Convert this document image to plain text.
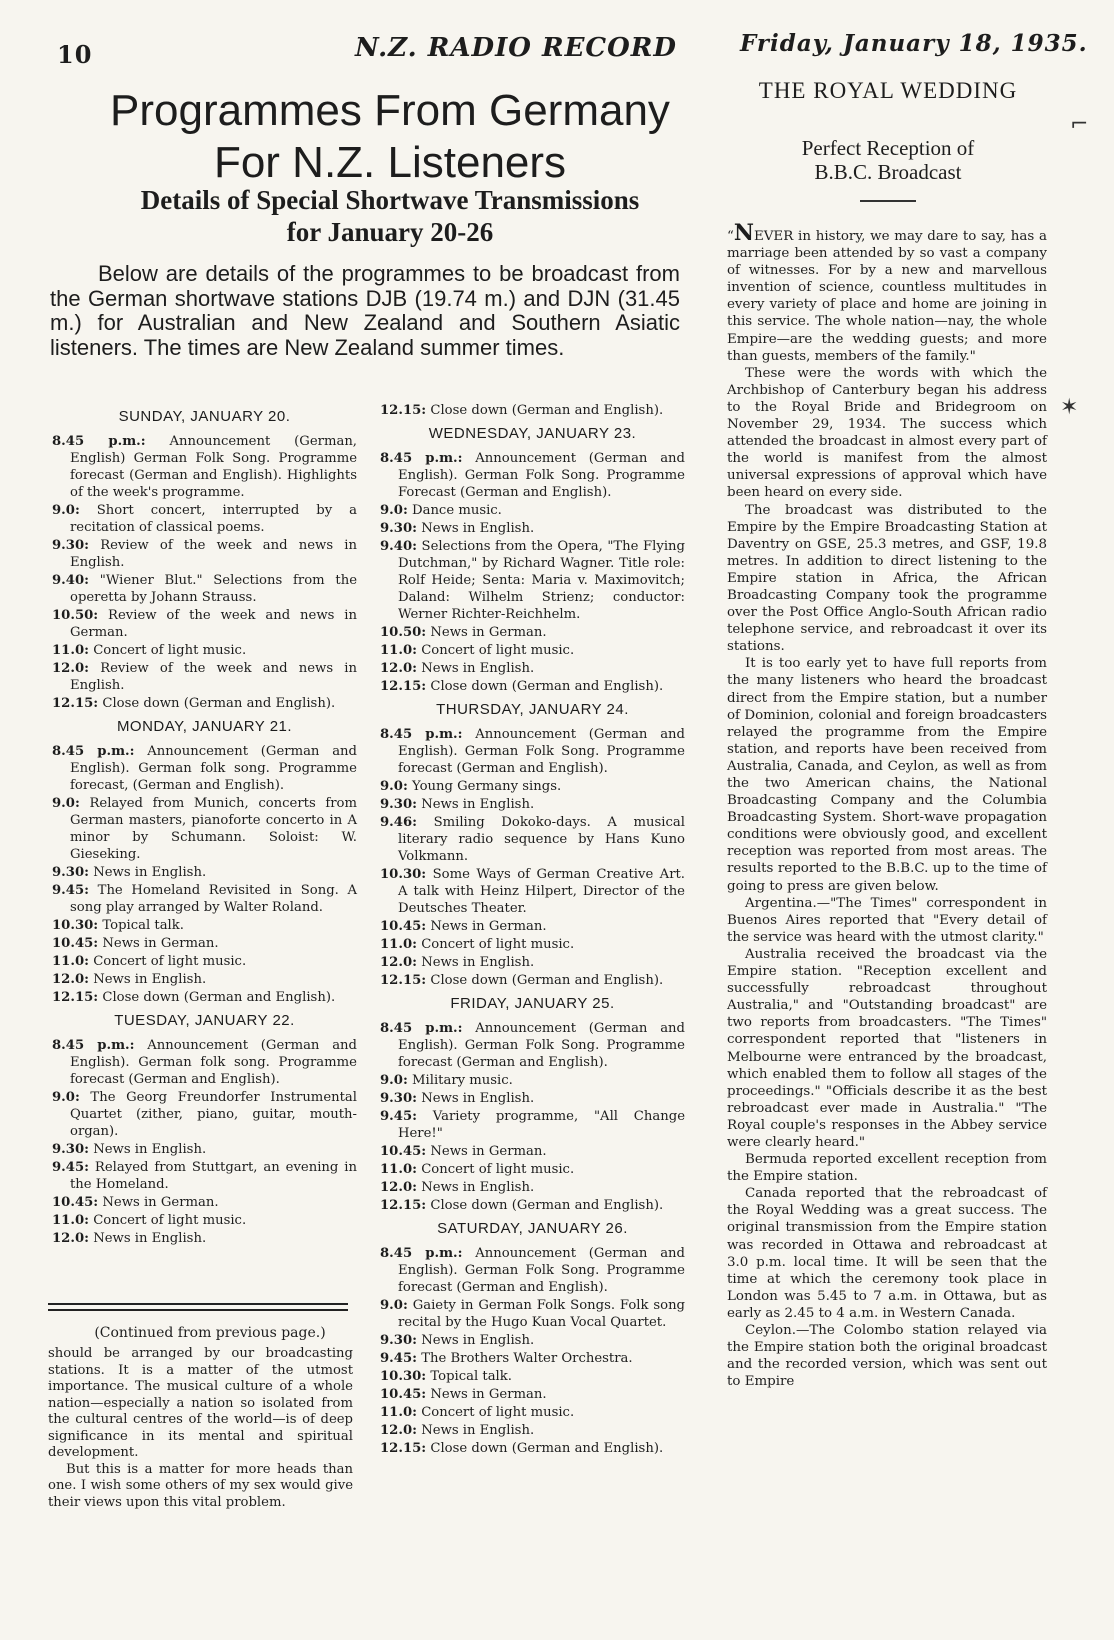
10	N.Z. RADIO RECORD	Friday, January 18, 1935.
Programmes From Germany
For N.Z. Listeners
Details of Special Shortwave Transmissions
for January 20-26
Below are details of the programmes to be broadcast from the German shortwave stations DJB (19.74 m.) and DJN (31.45 m.) for Australian and New Zealand and Southern Asiatic listeners. The times are New Zealand summer times.
SUNDAY, JANUARY 20.
8.45 p.m.: Announcement (German, English) German Folk Song. Programme forecast (German and English). Highlights of the week's programme.
9.0: Short concert, interrupted by a recitation of classical poems.
9.30: Review of the week and news in English.
9.40: "Wiener Blut." Selections from the operetta by Johann Strauss.
10.50: Review of the week and news in German.
11.0: Concert of light music.
12.0: Review of the week and news in English.
12.15: Close down (German and English).
MONDAY, JANUARY 21.
8.45 p.m.: Announcement (German and English). German folk song. Programme forecast, (German and English).
9.0: Relayed from Munich, concerts from German masters, pianoforte concerto in A minor by Schumann. Soloist: W. Gieseking.
9.30: News in English.
9.45: The Homeland Revisited in Song. A song play arranged by Walter Roland.
10.30: Topical talk.
10.45: News in German.
11.0: Concert of light music.
12.0: News in English.
12.15: Close down (German and English).
TUESDAY, JANUARY 22.
8.45 p.m.: Announcement (German and English). German folk song. Programme forecast (German and English).
9.0: The Georg Freundorfer Instrumental Quartet (zither, piano, guitar, mouth-organ).
9.30: News in English.
9.45: Relayed from Stuttgart, an evening in the Homeland.
10.45: News in German.
11.0: Concert of light music.
12.0: News in English.
12.15: Close down (German and English).
WEDNESDAY, JANUARY 23.
8.45 p.m.: Announcement (German and English). German Folk Song. Programme Forecast (German and English).
9.0: Dance music.
9.30: News in English.
9.40: Selections from the Opera, "The Flying Dutchman," by Richard Wagner. Title role: Rolf Heide; Senta: Maria v. Maximovitch; Daland: Wilhelm Strienz; conductor: Werner Richter-Reichhelm.
10.50: News in German.
11.0: Concert of light music.
12.0: News in English.
12.15: Close down (German and English).
THURSDAY, JANUARY 24.
8.45 p.m.: Announcement (German and English). German Folk Song. Programme forecast (German and English).
9.0: Young Germany sings.
9.30: News in English.
9.46: Smiling Dokoko-days. A musical literary radio sequence by Hans Kuno Volkmann.
10.30: Some Ways of German Creative Art. A talk with Heinz Hilpert, Director of the Deutsches Theater.
10.45: News in German.
11.0: Concert of light music.
12.0: News in English.
12.15: Close down (German and English).
FRIDAY, JANUARY 25.
8.45 p.m.: Announcement (German and English). German Folk Song. Programme forecast (German and English).
9.0: Military music.
9.30: News in English.
9.45: Variety programme, "All Change Here!"
10.45: News in German.
11.0: Concert of light music.
12.0: News in English.
12.15: Close down (German and English).
SATURDAY, JANUARY 26.
8.45 p.m.: Announcement (German and English). German Folk Song. Programme forecast (German and English).
9.0: Gaiety in German Folk Songs. Folk song recital by the Hugo Kuan Vocal Quartet.
9.30: News in English.
9.45: The Brothers Walter Orchestra.
10.30: Topical talk.
10.45: News in German.
11.0: Concert of light music.
12.0: News in English.
12.15: Close down (German and English).
(Continued from previous page.)

should be arranged by our broadcasting stations. It is a matter of the utmost importance. The musical culture of a whole nation—especially a nation so isolated from the cultural centres of the world—is of deep significance in its mental and spiritual development.

But this is a matter for more heads than one. I wish some others of my sex would give their views upon this vital problem.

THE ROYAL WEDDING
Perfect Reception of
B.B.C. Broadcast

“NEVER in history, we may dare to say, has a marriage been attended by so vast a company of witnesses. For by a new and marvellous invention of science, countless multitudes in every variety of place and home are joining in this service. The whole nation—nay, the whole Empire—are the wedding guests; and more than guests, members of the family."

These were the words with which the Archbishop of Canterbury began his address to the Royal Bride and Bridegroom on November 29, 1934. The success which attended the broadcast in almost every part of the world is manifest from the almost universal expressions of approval which have been heard on every side.

The broadcast was distributed to the Empire by the Empire Broadcasting Station at Daventry on GSE, 25.3 metres, and GSF, 19.8 metres. In addition to direct listening to the Empire station in Africa, the African Broadcasting Company took the programme over the Post Office Anglo-South African radio telephone service, and rebroadcast it over its stations.

It is too early yet to have full reports from the many listeners who heard the broadcast direct from the Empire station, but a number of Dominion, colonial and foreign broadcasters relayed the programme from the Empire station, and reports have been received from Australia, Canada, and Ceylon, as well as from the two American chains, the National Broadcasting Company and the Columbia Broadcasting System. Short-wave propagation conditions were obviously good, and excellent reception was reported from most areas. The results reported to the B.B.C. up to the time of going to press are given below.

Argentina.—"The Times" correspondent in Buenos Aires reported that "Every detail of the service was heard with the utmost clarity."

Australia received the broadcast via the Empire station. "Reception excellent and successfully rebroadcast throughout Australia," and "Outstanding broadcast" are two reports from broadcasters. "The Times" correspondent reported that "listeners in Melbourne were entranced by the broadcast, which enabled them to follow all stages of the proceedings." "Officials describe it as the best rebroadcast ever made in Australia." "The Royal couple's responses in the Abbey service were clearly heard."

Bermuda reported excellent reception from the Empire station.

Canada reported that the rebroadcast of the Royal Wedding was a great success. The original transmission from the Empire station was recorded in Ottawa and rebroadcast at 3.0 p.m. local time. It will be seen that the time at which the ceremony took place in London was 5.45 to 7 a.m. in Ottawa, but as early as 2.45 to 4 a.m. in Western Canada.

Ceylon.—The Colombo station relayed via the Empire station both the original broadcast and the recorded version, which was sent out to Empire

⌐
✶
